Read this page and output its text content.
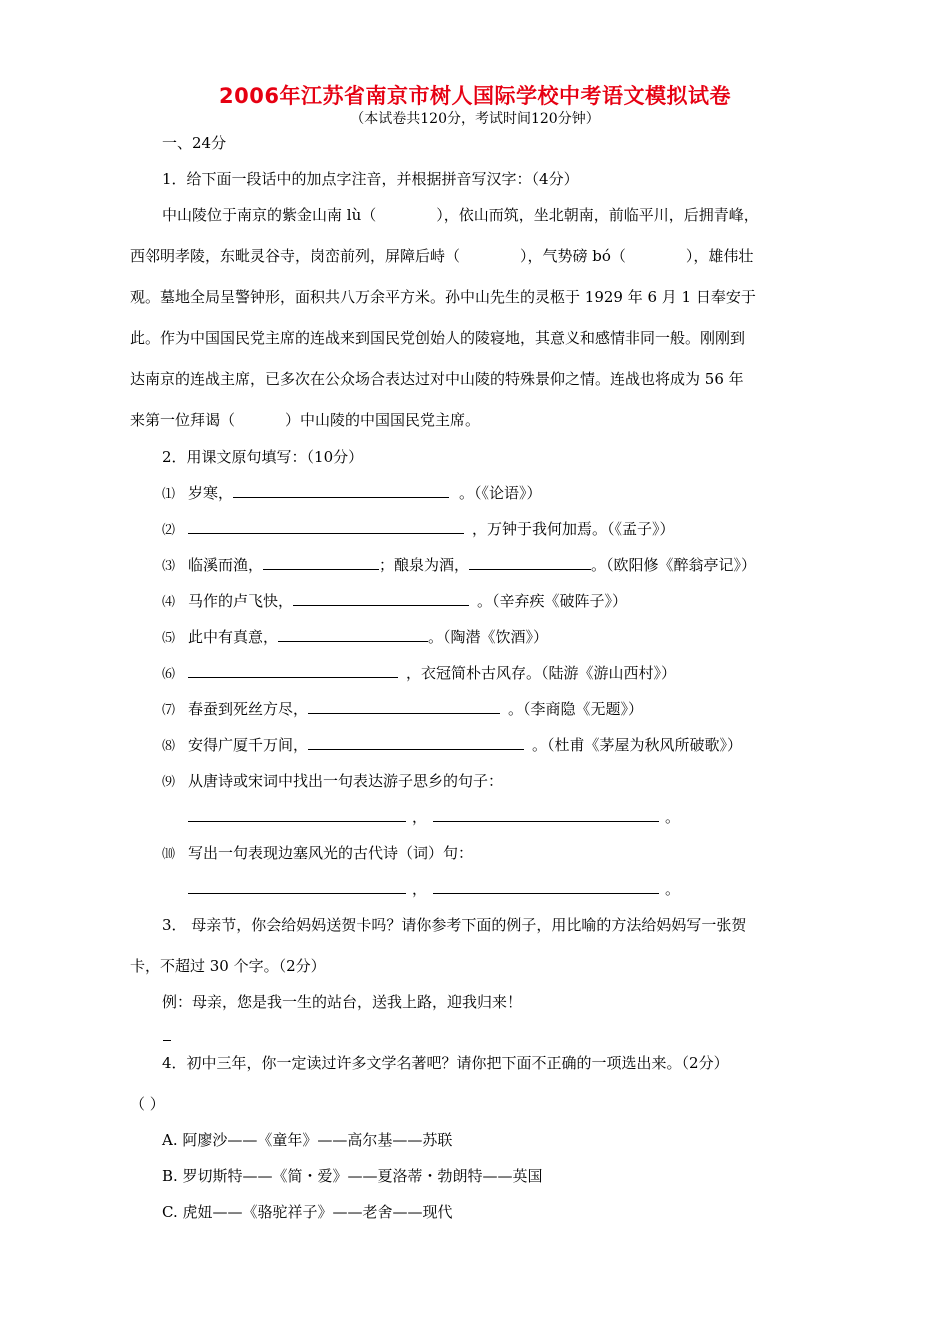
2006年江苏省南京市树人国际学校中考语文模拟试卷
（本试卷共120分，考试时间120分钟）
一、24分
1．给下面一段话中的加点字注音，并根据拼音写汉字：（4分）
中山陵位于南京的紫金山南 lù（	），依山而筑，坐北朝南，前临平川，后拥青峰，
西邻明孝陵，东毗灵谷寺，岗峦前列，屏障后峙（	），气势磅 bó（	），雄伟壮
观。墓地全局呈警钟形，面积共八万余平方米。孙中山先生的灵柩于 1929 年 6 月 1 日奉安于
此。作为中国国民党主席的连战来到国民党创始人的陵寝地，其意义和感情非同一般。刚刚到
达南京的连战主席，已多次在公众场合表达过对中山陵的特殊景仰之情。连战也将成为 56 年
来第一位拜谒（	）中山陵的中国国民党主席。
2．用课文原句填写：（10分）
⑴ 岁寒，	。（《论语》）
⑵	，万钟于我何加焉。（《孟子》）
⑶ 临溪而渔，	；酿泉为酒，	。（欧阳修《醉翁亭记》）
⑷ 马作的卢飞快，	。（辛弃疾《破阵子》）
⑸ 此中有真意，	。（陶潜《饮酒》）
⑹	，衣冠简朴古风存。（陆游《游山西村》）
⑺ 春蚕到死丝方尽，	。（李商隐《无题》）
⑻ 安得广厦千万间，	。（杜甫《茅屋为秋风所破歌》）
⑼ 从唐诗或宋词中找出一句表达游子思乡的句子：
，	。
⑽ 写出一句表现边塞风光的古代诗（词）句：
，	。
3． 母亲节，你会给妈妈送贺卡吗？请你参考下面的例子，用比喻的方法给妈妈写一张贺
卡，不超过 30 个字。（2分）
例：母亲，您是我一生的站台，送我上路，迎我归来！
4．初中三年，你一定读过许多文学名著吧？请你把下面不正确的一项选出来。（2分）
（ ）
A. 阿廖沙——《童年》——高尔基——苏联
B. 罗切斯特——《简・爱》——夏洛蒂・勃朗特——英国
C. 虎妞——《骆驼祥子》——老舍——现代
